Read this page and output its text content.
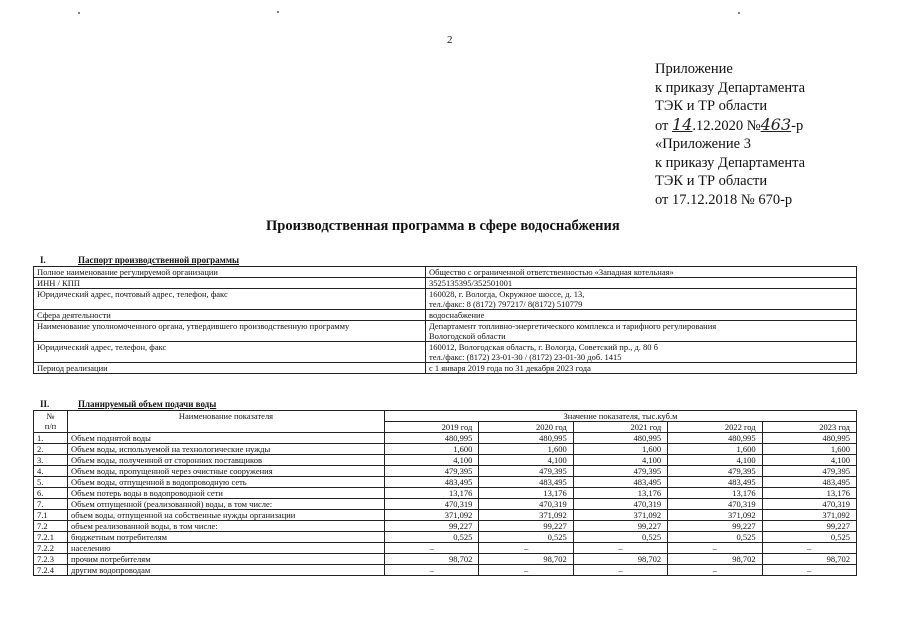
2
Приложение
к приказу Департамента
ТЭК и ТР области
от 14.12.2020 №463-р
«Приложение 3
к приказу Департамента
ТЭК и ТР области
от 17.12.2018 № 670-р
Производственная программа в сфере водоснабжения
I.	Паспорт производственной программы
Полное наименование регулируемой организации	Общество с ограниченной ответственностью «Западная котельная»

ИНН / КПП	3525135395/352501001

Юридический адрес, почтовый адрес, телефон, факс	160028, г. Вологда, Окружное шоссе, д. 13,
тел./факс: 8 (8172) 797217/ 8(8172) 510779

Сфера деятельности	водоснабжение

Наименование уполномоченного органа, утвердившего производственную программу	Департамент топливно-энергетического комплекса и тарифного регулирования
Вологодской области

Юридический адрес, телефон, факс	160012, Вологодская область, г. Вологда, Советский пр., д. 80 б
тел./факс: (8172) 23-01-30 / (8172) 23-01-30 доб. 1415

Период реализации	с 1 января 2019 года по 31 декабря 2023 года
II.	Планируемый объем подачи воды
№
п/п	Наименование показателя	Значение показателя, тыс.куб.м				
		2019 год	2020 год	2021 год	2022 год	2023 год
1.	Объем поднятой воды	480,995	480,995	480,995	480,995	480,995
2.	Объем воды, используемой на технологические нужды	1,600	1,600	1,600	1,600	1,600
3.	Объем воды, полученной от сторонних поставщиков	4,100	4,100	4,100	4,100	4,100
4.	Объем воды, пропущенной через очистные сооружения	479,395	479,395	479,395	479,395	479,395
5.	Объем воды, отпущенной в водопроводную сеть	483,495	483,495	483,495	483,495	483,495
6.	Объем потерь воды в водопроводной сети	13,176	13,176	13,176	13,176	13,176
7.	Объем отпущенной (реализованной) воды, в том числе:	470,319	470,319	470,319	470,319	470,319
7.1	объем воды, отпущенной на собственные нужды организации	371,092	371,092	371,092	371,092	371,092
7.2	объем реализованной воды, в том числе:	99,227	99,227	99,227	99,227	99,227
7.2.1	бюджетным потребителям	0,525	0,525	0,525	0,525	0,525
7.2.2	населению	–	–	–	–	–
7.2.3	прочим потребителям	98,702	98,702	98,702	98,702	98,702
7.2.4	другим водопроводам	–	–	–	–	–
